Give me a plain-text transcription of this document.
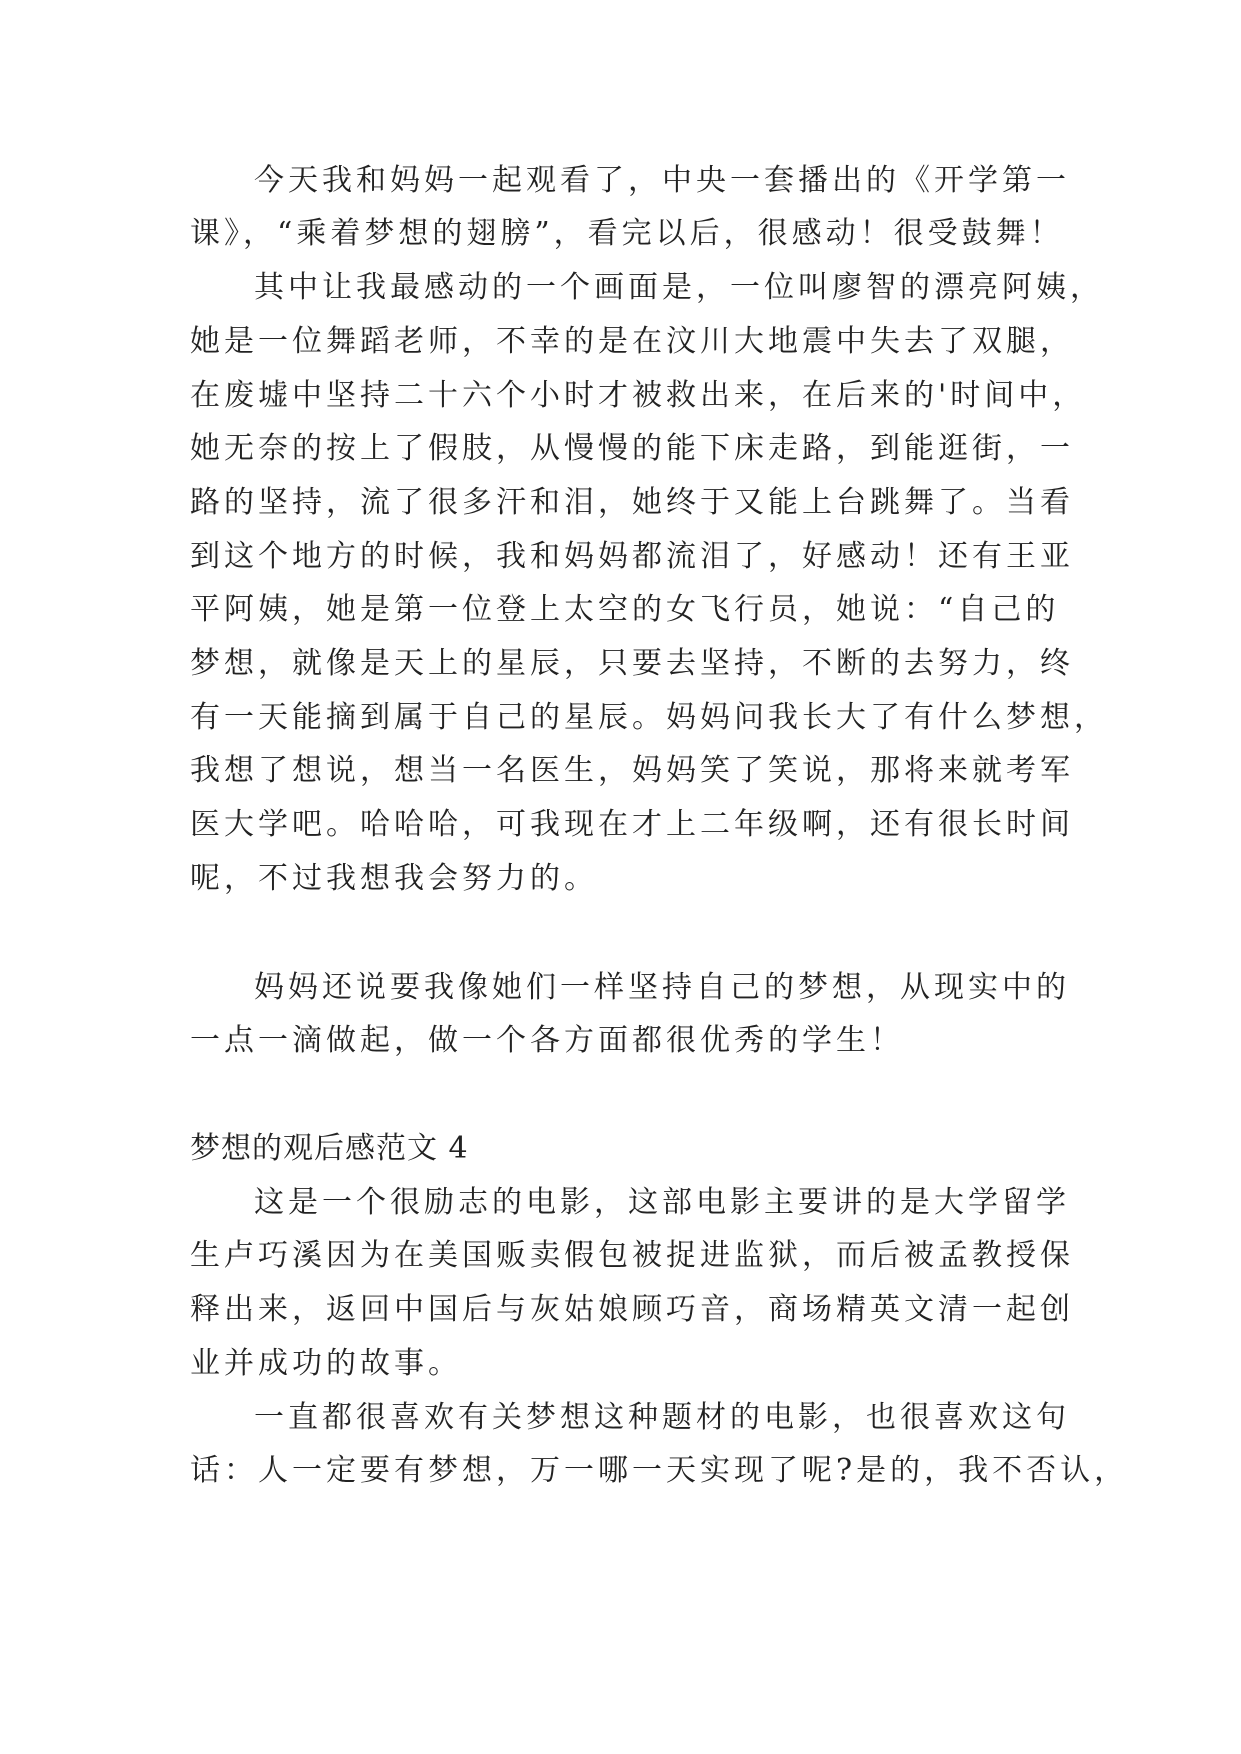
今天我和妈妈一起观看了，中央一套播出的《开学第一
课》，“乘着梦想的翅膀”，看完以后，很感动！很受鼓舞！
其中让我最感动的一个画面是，一位叫廖智的漂亮阿姨，
她是一位舞蹈老师，不幸的是在汶川大地震中失去了双腿，
在废墟中坚持二十六个小时才被救出来，在后来的'时间中，
她无奈的按上了假肢，从慢慢的能下床走路，到能逛街，一
路的坚持，流了很多汗和泪，她终于又能上台跳舞了。当看
到这个地方的时候，我和妈妈都流泪了，好感动！还有王亚
平阿姨，她是第一位登上太空的女飞行员，她说：“自己的
梦想，就像是天上的星辰，只要去坚持，不断的去努力，终
有一天能摘到属于自己的星辰。妈妈问我长大了有什么梦想，
我想了想说，想当一名医生，妈妈笑了笑说，那将来就考军
医大学吧。哈哈哈，可我现在才上二年级啊，还有很长时间
呢，不过我想我会努力的。
妈妈还说要我像她们一样坚持自己的梦想，从现实中的
一点一滴做起，做一个各方面都很优秀的学生！
梦想的观后感范文 4
这是一个很励志的电影，这部电影主要讲的是大学留学
生卢巧溪因为在美国贩卖假包被捉进监狱，而后被孟教授保
释出来，返回中国后与灰姑娘顾巧音，商场精英文清一起创
业并成功的故事。
一直都很喜欢有关梦想这种题材的电影，也很喜欢这句
话：人一定要有梦想，万一哪一天实现了呢?是的，我不否认，
